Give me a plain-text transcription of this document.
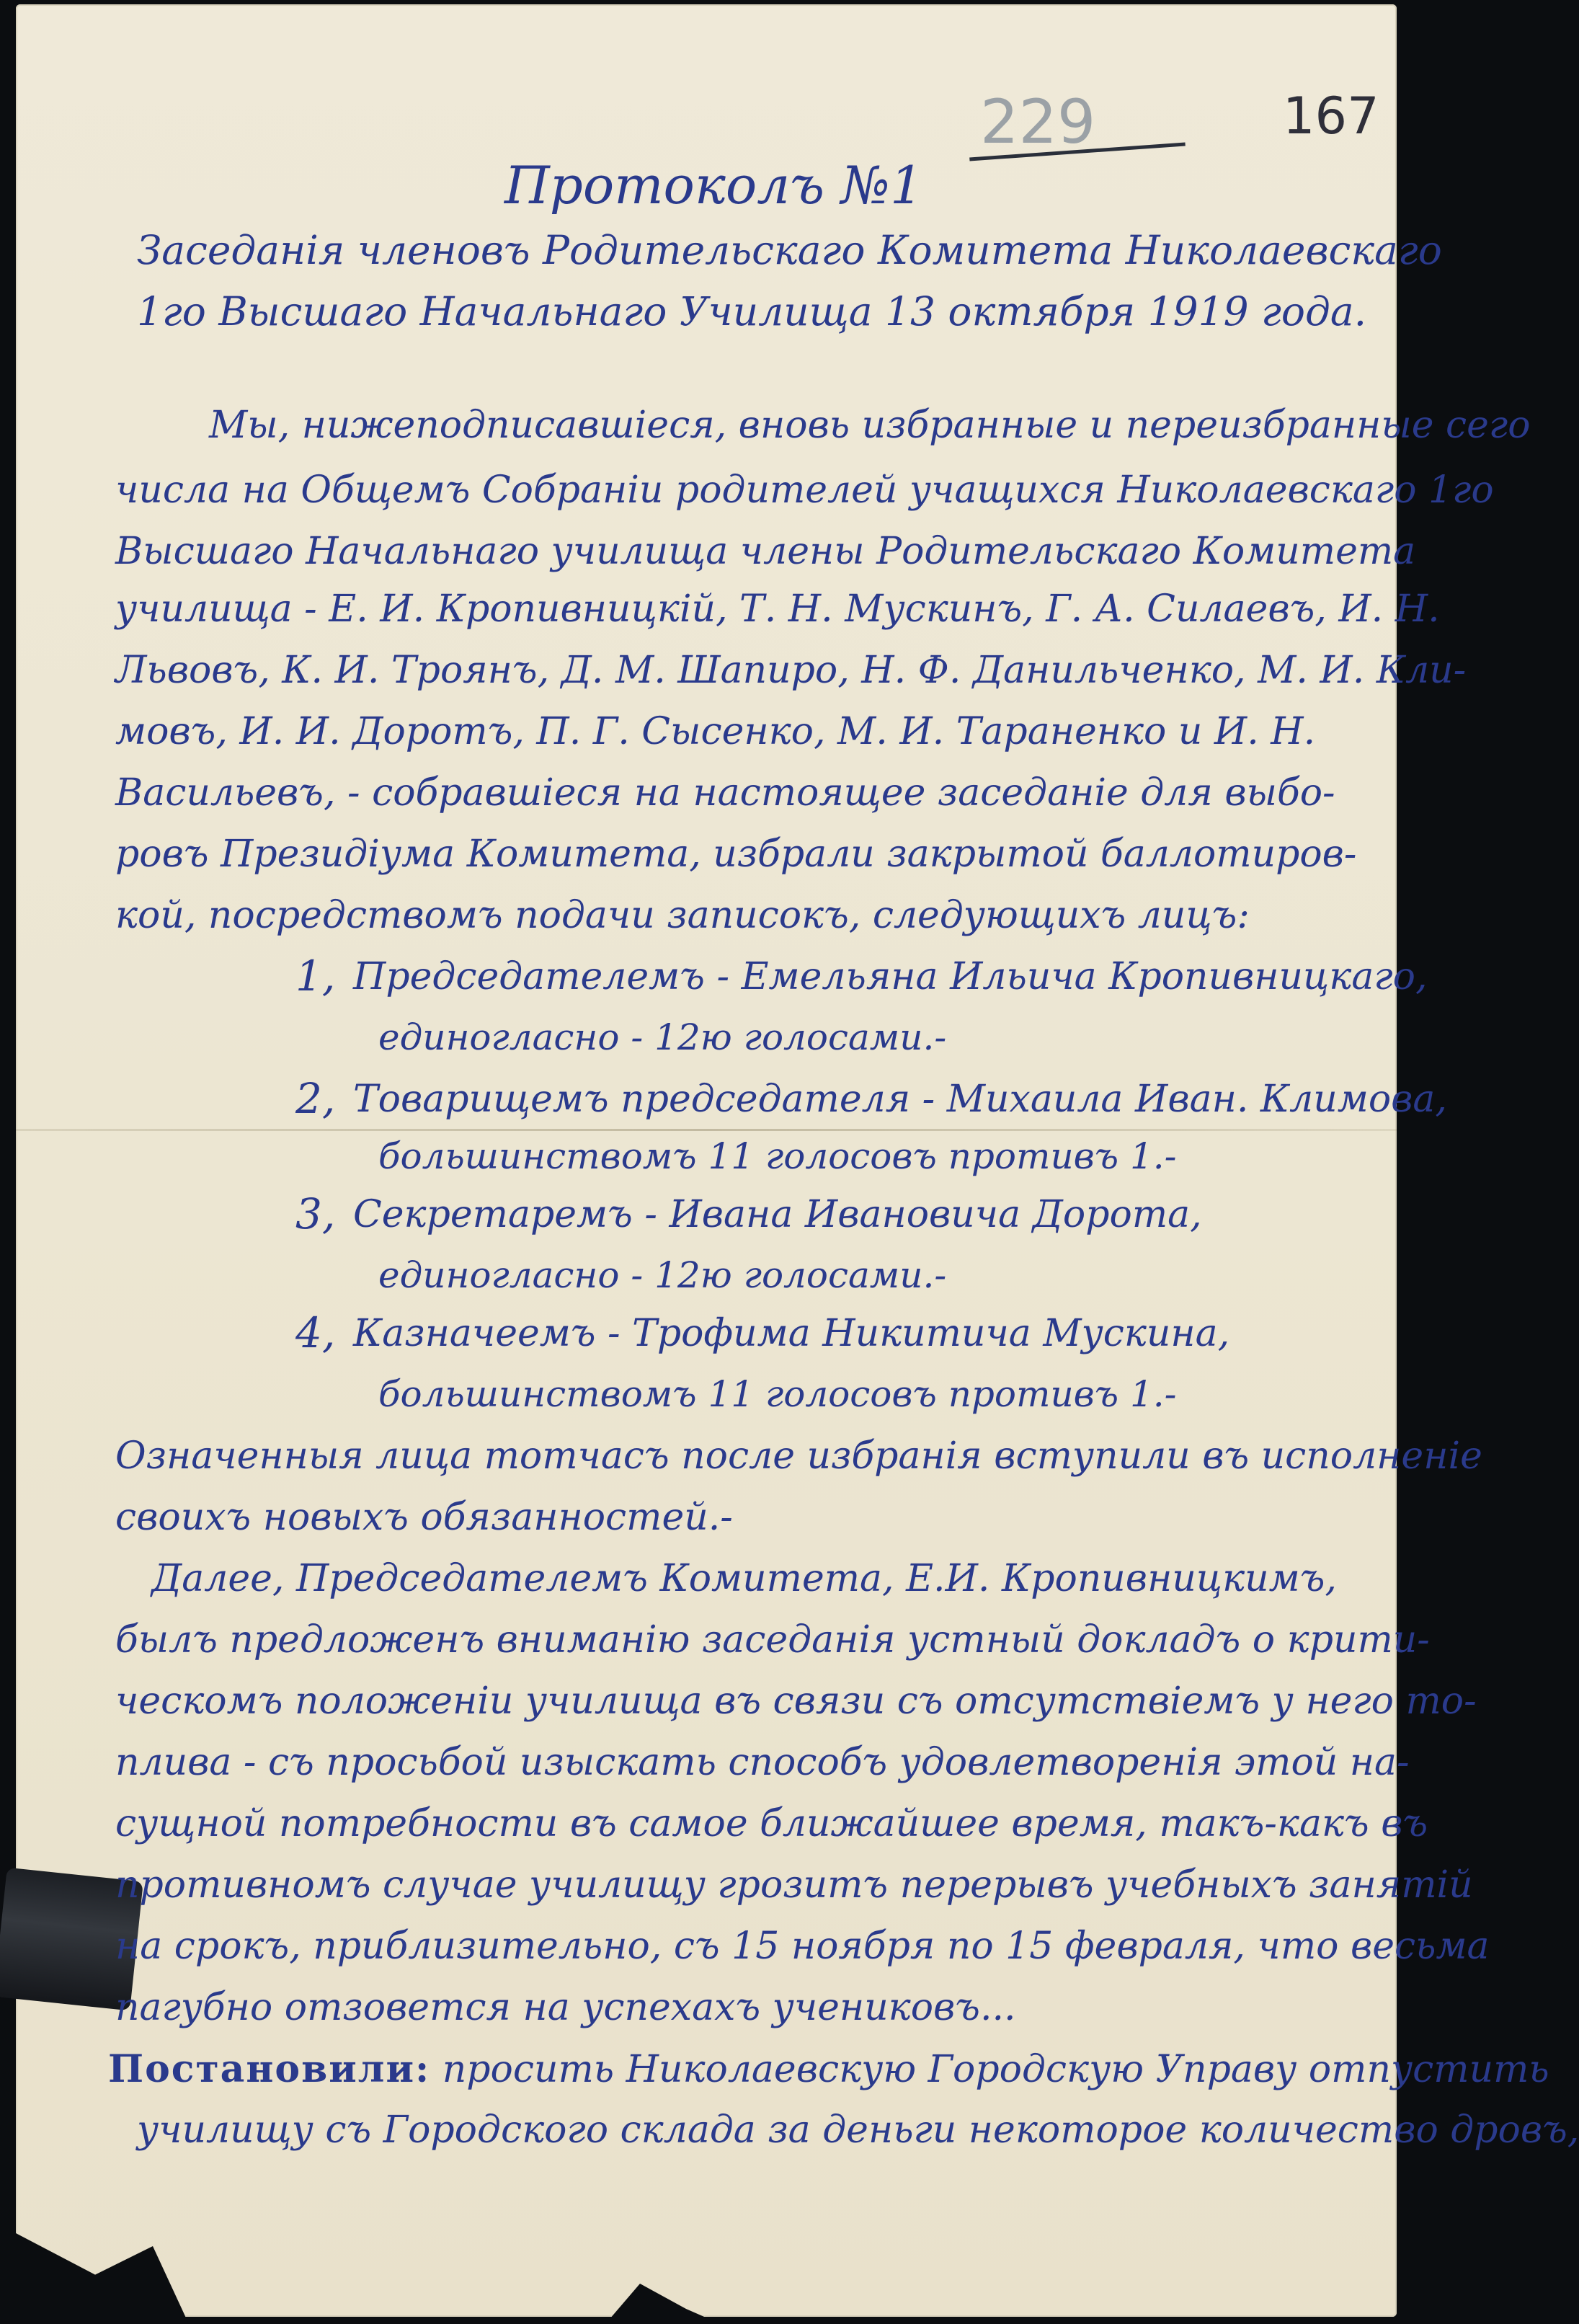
229	167
Протоколъ №1
Заседанія членовъ Родительскаго Комитета Николаевскаго
1го Высшаго Начальнаго Училища 13 октября 1919 года.
Мы, нижеподписавшіеся, вновь избранные и переизбранные сего
числа на Общемъ Собраніи родителей учащихся Николаевскаго 1го
Высшаго Начальнаго училища члены Родительскаго Комитета
училища - Е. И. Кропивницкій, Т. Н. Мускинъ, Г. А. Силаевъ, И. Н.
Львовъ, К. И. Троянъ, Д. М. Шапиро, Н. Ф. Данильченко, М. И. Кли-
мовъ, И. И. Доротъ, П. Г. Сысенко, М. И. Тараненко и И. Н.
Васильевъ, - собравшіеся на настоящее заседаніе для выбо-
ровъ Президіума Комитета, избрали закрытой баллотиров-
кой, посредствомъ подачи записокъ, следующихъ лицъ:
1, Председателемъ - Емельяна Ильича Кропивницкаго,
единогласно - 12ю голосами.-
2, Товарищемъ председателя - Михаила Иван. Климова,
большинствомъ 11 голосовъ противъ 1.-
3, Секретаремъ - Ивана Ивановича Дорота,
единогласно - 12ю голосами.-
4, Казначеемъ - Трофима Никитича Мускина,
большинствомъ 11 голосовъ противъ 1.-
Означенныя лица тотчасъ после избранія вступили въ исполненіе
своихъ новыхъ обязанностей.-
Далее, Председателемъ Комитета, Е.И. Кропивницкимъ,
былъ предложенъ вниманію заседанія устный докладъ о крити-
ческомъ положеніи училища въ связи съ отсутствіемъ у него то-
плива - съ просьбой изыскать способъ удовлетворенія этой на-
сущной потребности въ самое ближайшее время, такъ-какъ въ
противномъ случае училищу грозитъ перерывъ учебныхъ занятій
на срокъ, приблизительно, съ 15 ноября по 15 февраля, что весьма
пагубно отзовется на успехахъ учениковъ...
Постановили: просить Николаевскую Городскую Управу отпустить
училищу съ Городского склада за деньги некоторое количество дровъ,
